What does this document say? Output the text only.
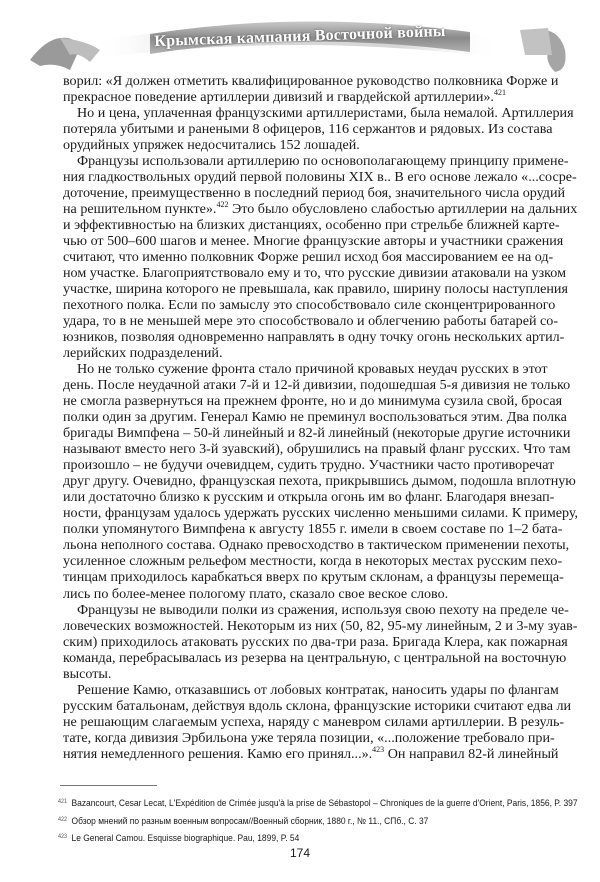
Крымская кампания Восточной войны
ворил: «Я должен отметить квалифицированное руководство полковника Форже и
прекрасное поведение артиллерии дивизий и гвардейской артиллерии».$^{421}$
Но и цена, уплаченная французскими артиллеристами, была немалой. Артиллерия
потеряла убитыми и ранеными 8 офицеров, 116 сержантов и рядовых. Из состава
орудийных упряжек недосчитались 152 лошадей.
Французы использовали артиллерию по основополагающему принципу примене-
ния гладкоствольных орудий первой половины XIX в.. В его основе лежало «...сосре-
доточение, преимущественно в последний период боя, значительного числа орудий
на решительном пункте».$^{422}$ Это было обусловлено слабостью артиллерии на дальних
и эффективностью на близких дистанциях, особенно при стрельбе ближней карте-
чью от 500–600 шагов и менее. Многие французские авторы и участники сражения
считают, что именно полковник Форже решил исход боя массированием ее на од-
ном участке. Благоприятствовало ему и то, что русские дивизии атаковали на узком
участке, ширина которого не превышала, как правило, ширину полосы наступления
пехотного полка. Если по замыслу это способствовало силе сконцентрированного
удара, то в не меньшей мере это способствовало и облегчению работы батарей со-
юзников, позволяя одновременно направлять в одну точку огонь нескольких артил-
лерийских подразделений.
Но не только сужение фронта стало причиной кровавых неудач русских в этот
день. После неудачной атаки 7-й и 12-й дивизии, подошедшая 5-я дивизия не только
не смогла развернуться на прежнем фронте, но и до минимума сузила свой, бросая
полки один за другим. Генерал Камю не преминул воспользоваться этим. Два полка
бригады Вимпфена – 50-й линейный и 82-й линейный (некоторые другие источники
называют вместо него 3-й зуавский), обрушились на правый фланг русских. Что там
произошло – не будучи очевидцем, судить трудно. Участники часто противоречат
друг другу. Очевидно, французская пехота, прикрывшись дымом, подошла вплотную
или достаточно близко к русским и открыла огонь им во фланг. Благодаря внезап-
ности, французам удалось удержать русских численно меньшими силами. К примеру,
полки упомянутого Вимпфена к августу 1855 г. имели в своем составе по 1–2 бата-
льона неполного состава. Однако превосходство в тактическом применении пехоты,
усиленное сложным рельефом местности, когда в некоторых местах русским пехо-
тинцам приходилось карабкаться вверх по крутым склонам, а французы перемеща-
лись по более-менее пологому плато, сказало свое веское слово.
Французы не выводили полки из сражения, используя свою пехоту на пределе че-
ловеческих возможностей. Некоторым из них (50, 82, 95-му линейным, 2 и 3-му зуав-
ским) приходилось атаковать русских по два-три раза. Бригада Клера, как пожарная
команда, перебрасывалась из резерва на центральную, с центральной на восточную
высоты.
Решение Камю, отказавшись от лобовых контратак, наносить удары по флангам
русским батальонам, действуя вдоль склона, французские историки считают едва ли
не решающим слагаемым успеха, наряду с маневром силами артиллерии. В резуль-
тате, когда дивизия Эрбильона уже теряла позиции, «...положение требовало при-
нятия немедленного решения. Камю его принял...».$^{423}$ Он направил 82-й линейный
421 Bazancourt, Cesar Lecat, L'Expédition de Crimée jusqu'à la prise de Sébastopol – Chroniques de la guerre d'Orient, Paris, 1856, P. 397
422 Обзор мнений по разным военным вопросам//Военный сборник, 1880 г., № 11., СПб., С. 37
423 Le General Camou. Esquisse biographique. Pau, 1899, P. 54
174
